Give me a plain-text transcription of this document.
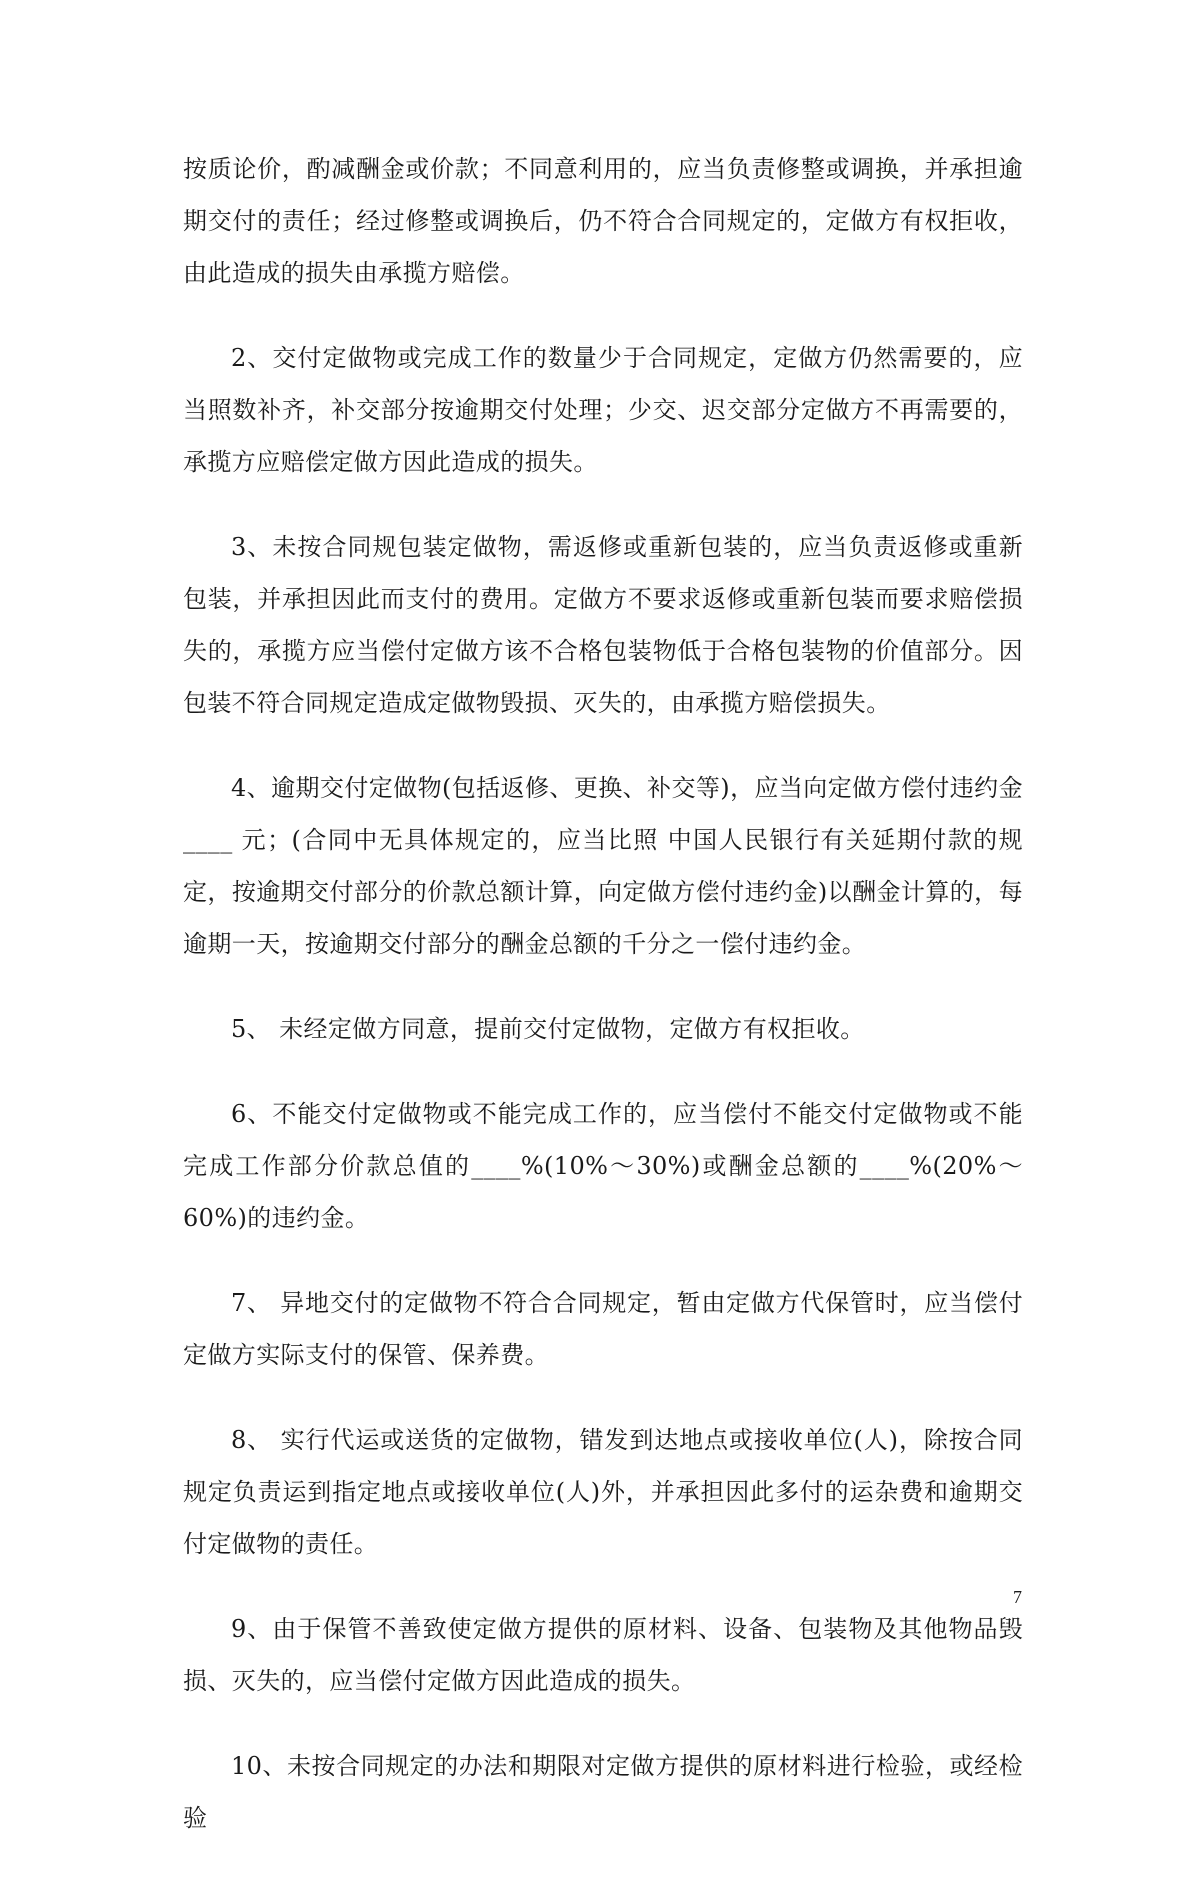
按质论价，酌减酬金或价款；不同意利用的，应当负责修整或调换，并承担逾期交付的责任；经过修整或调换后，仍不符合合同规定的，定做方有权拒收，由此造成的损失由承揽方赔偿。

2、交付定做物或完成工作的数量少于合同规定，定做方仍然需要的，应当照数补齐，补交部分按逾期交付处理；少交、迟交部分定做方不再需要的，承揽方应赔偿定做方因此造成的损失。

3、未按合同规包装定做物，需返修或重新包装的，应当负责返修或重新包装，并承担因此而支付的费用。定做方不要求返修或重新包装而要求赔偿损失的，承揽方应当偿付定做方该不合格包装物低于合格包装物的价值部分。因包装不符合同规定造成定做物毁损、灭失的，由承揽方赔偿损失。

4、逾期交付定做物(包括返修、更换、补交等)，应当向定做方偿付违约金____ 元；(合同中无具体规定的，应当比照 中国人民银行有关延期付款的规定，按逾期交付部分的价款总额计算，向定做方偿付违约金)以酬金计算的，每逾期一天，按逾期交付部分的酬金总额的千分之一偿付违约金。

5、 未经定做方同意，提前交付定做物，定做方有权拒收。

6、不能交付定做物或不能完成工作的，应当偿付不能交付定做物或不能完成工作部分价款总值的____%(10%～30%)或酬金总额的____%(20%～60%)的违约金。

7、 异地交付的定做物不符合合同规定，暂由定做方代保管时，应当偿付定做方实际支付的保管、保养费。

8、 实行代运或送货的定做物，错发到达地点或接收单位(人)，除按合同规定负责运到指定地点或接收单位(人)外，并承担因此多付的运杂费和逾期交付定做物的责任。

9、由于保管不善致使定做方提供的原材料、设备、包装物及其他物品毁损、灭失的，应当偿付定做方因此造成的损失。

10、未按合同规定的办法和期限对定做方提供的原材料进行检验，或经检验

7
